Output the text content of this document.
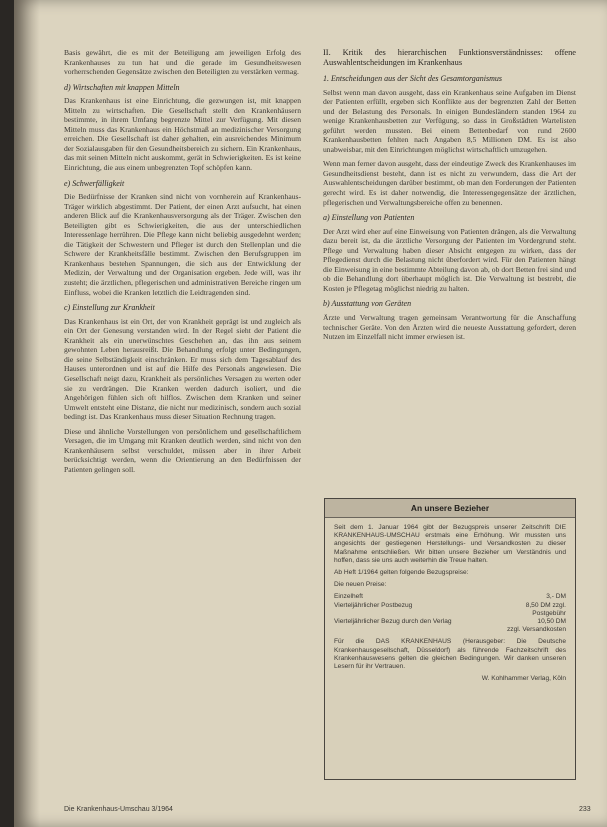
Basis gewährt, die es mit der Beteiligung am jeweiligen Erfolg des Krankenhauses zu tun hat und die gerade im Gesundheitswesen vorherrschenden Gegensätze zwischen den Beteiligten zu verstärken vermag.

d) Wirtschaften mit knappen Mitteln

Das Krankenhaus ist eine Einrichtung, die gezwungen ist, mit knappen Mitteln zu wirtschaften. Die Gesellschaft stellt den Krankenhäusern bestimmte, in ihrem Umfang begrenzte Mittel zur Verfügung. Mit diesen Mitteln muss das Krankenhaus ein Höchstmaß an medizinischer Versorgung erreichen. Die Gesellschaft ist daher gehalten, ein ausreichendes Minimum der Sozialausgaben für den Gesundheitsbereich zu sichern. Ein Krankenhaus, das mit seinen Mitteln nicht auskommt, gerät in Schwierigkeiten. Es ist keine Einrichtung, die aus einem unbegrenzten Topf schöpfen kann.

e) Schwerfälligkeit

Die Bedürfnisse der Kranken sind nicht von vornherein auf Krankenhaus-Träger wirklich abgestimmt. Der Patient, der einen Arzt aufsucht, hat einen anderen Blick auf die Krankenhausversorgung als der Träger. Zwischen den Beteiligten gibt es Schwierigkeiten, die aus der unterschiedlichen Interessenlage herrühren. Die Pflege kann nicht beliebig ausgedehnt werden; die Tätigkeit der Schwestern und Pfleger ist durch den Stellenplan und die Schwere der Krankheitsfälle bestimmt. Zwischen den Berufsgruppen im Krankenhaus bestehen Spannungen, die sich aus der Entwicklung der Medizin, der Verwaltung und der Organisation ergeben. Jede will, was ihr zusteht; die ärztlichen, pflegerischen und administrativen Bereiche ringen um Einfluss, wobei die Kranken letztlich die Leidtragenden sind.

c) Einstellung zur Krankheit

Das Krankenhaus ist ein Ort, der von Krankheit geprägt ist und zugleich als ein Ort der Genesung verstanden wird. In der Regel sieht der Patient die Krankheit als ein unerwünschtes Geschehen an, das ihn aus seinem gewohnten Leben herausreißt. Die Behandlung erfolgt unter Bedingungen, die seine Selbständigkeit einschränken. Er muss sich dem Tagesablauf des Hauses unterordnen und ist auf die Hilfe des Personals angewiesen. Die Gesellschaft neigt dazu, Krankheit als persönliches Versagen zu werten oder sie zu verdrängen. Die Kranken werden dadurch isoliert, und die Angehörigen fühlen sich oft hilflos. Zwischen dem Kranken und seiner Umwelt entsteht eine Distanz, die nicht nur medizinisch, sondern auch sozial bedingt ist. Das Krankenhaus muss dieser Situation Rechnung tragen.

Diese und ähnliche Vorstellungen von persönlichem und gesellschaftlichem Versagen, die im Umgang mit Kranken deutlich werden, sind nicht von den Krankenhäusern selbst verschuldet, müssen aber in ihrer Arbeit berücksichtigt werden, wenn die Orientierung an den Bedürfnissen der Patienten gelingen soll.

II. Kritik des hierarchischen Funktionsverständnisses: offene Auswahlentscheidungen im Krankenhaus
1. Entscheidungen aus der Sicht des Gesamtorganismus

Selbst wenn man davon ausgeht, dass ein Krankenhaus seine Aufgaben im Dienst der Patienten erfüllt, ergeben sich Konflikte aus der begrenzten Zahl der Betten und der Belastung des Personals. In einigen Bundesländern standen 1964 zu wenige Krankenhausbetten zur Verfügung, so dass in Großstädten Wartelisten geführt werden mussten. Bei einem Bettenbedarf von rund 2600 Krankenhausbetten fehlten nach Angaben 8,5 Millionen DM. Es ist also unabweisbar, mit den Einrichtungen möglichst wirtschaftlich umzugehen.

Wenn man ferner davon ausgeht, dass der eindeutige Zweck des Krankenhauses im Gesundheitsdienst besteht, dann ist es nicht zu verwundern, dass die Art der Auswahlentscheidungen darüber bestimmt, ob man den Forderungen der Patienten gerecht wird. Es ist daher notwendig, die Interessengegensätze der ärztlichen, pflegerischen und Verwaltungsbereiche offen zu benennen.

a) Einstellung von Patienten

Der Arzt wird eher auf eine Einweisung von Patienten drängen, als die Verwaltung dazu bereit ist, da die ärztliche Versorgung der Patienten im Vordergrund steht. Pflege und Verwaltung haben dieser Absicht entgegen zu wirken, dass der Pflegedienst durch die Belastung nicht überfordert wird. Für den Patienten hängt die Einweisung in eine bestimmte Abteilung davon ab, ob dort Betten frei sind und ob die Behandlung dort überhaupt möglich ist. Die Verwaltung ist bestrebt, die Kosten je Pflegetag möglichst niedrig zu halten.

b) Ausstattung von Geräten

Ärzte und Verwaltung tragen gemeinsam Verantwortung für die Anschaffung technischer Geräte. Von den Ärzten wird die neueste Ausstattung gefordert, deren Nutzen im Einzelfall nicht immer erwiesen ist.

An unsere Bezieher

Seit dem 1. Januar 1964 gibt der Bezugspreis unserer Zeitschrift DIE KRANKENHAUS-UMSCHAU erstmals eine Erhöhung. Wir mussten uns angesichts der gestiegenen Herstellungs- und Versandkosten zu dieser Maßnahme entschließen. Wir bitten unsere Bezieher um Verständnis und hoffen, dass sie uns auch weiterhin die Treue halten.

Ab Heft 1/1964 gelten folgende Bezugspreise:

Die neuen Preise:

Einzelheft	3,- DM
Vierteljährlicher Postbezug	8,50 DM zzgl. Postgebühr
Vierteljährlicher Bezug durch den Verlag	10,50 DM
zzgl. Versandkosten

Für die DAS KRANKENHAUS (Herausgeber: Die Deutsche Krankenhausgesellschaft, Düsseldorf) als führende Fachzeitschrift des Krankenhauswesens gelten die gleichen Bedingungen. Wir danken unseren Lesern für ihr Vertrauen.

W. Kohlhammer Verlag, Köln
Die Krankenhaus-Umschau 3/1964	233
